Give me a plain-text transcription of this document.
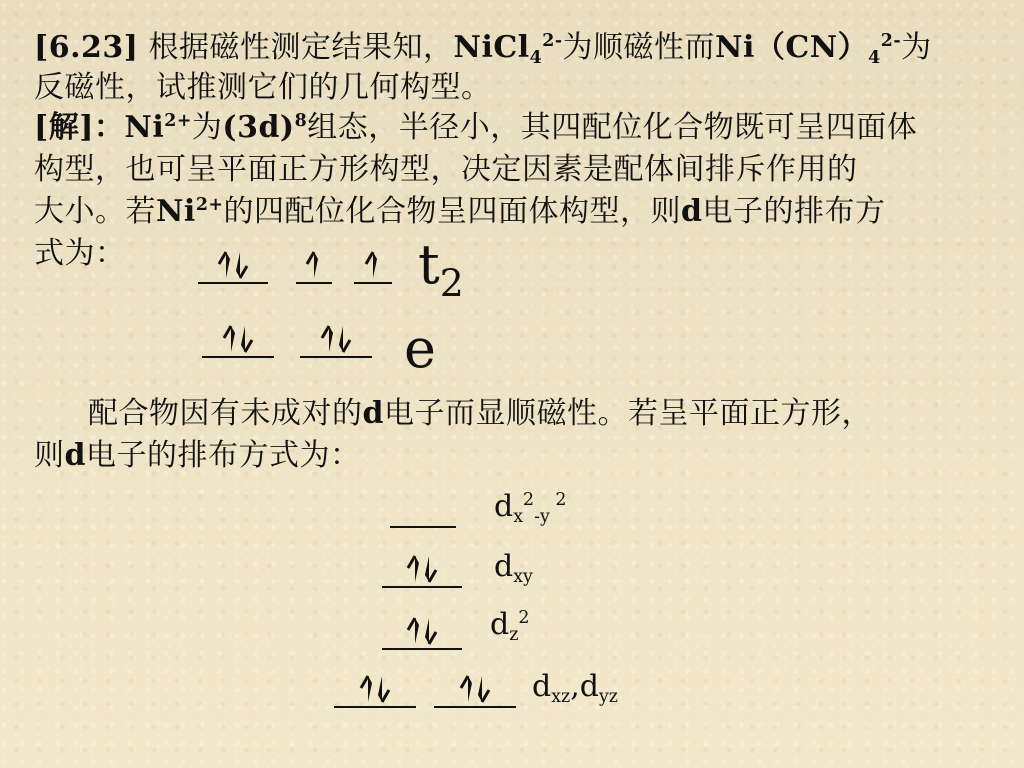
[6.23] 根据磁性测定结果知，NiCl$_4^{2-}$为顺磁性而$Ni(CN)_4^{2-}$为
反磁性，试推测它们的几何构型。
[解]：$Ni^{2+}$为$(3d)^8$组态，半径小，其四配位化合物既可呈四面体
构型，也可呈平面正方形构型，决定因素是配体间排斥作用的
大小。若$Ni^{2+}$的四配位化合物呈四面体构型，则d电子的排布方
式为：	$t_2$
e
配合物因有未成对的d电子而显顺磁性。若呈平面正方形，
则d电子的排布方式为：
$d_x^2_{-y}$ $^2$
$d_{xy}$
$d_z^2$
$d_{xz},d_{yz}$
